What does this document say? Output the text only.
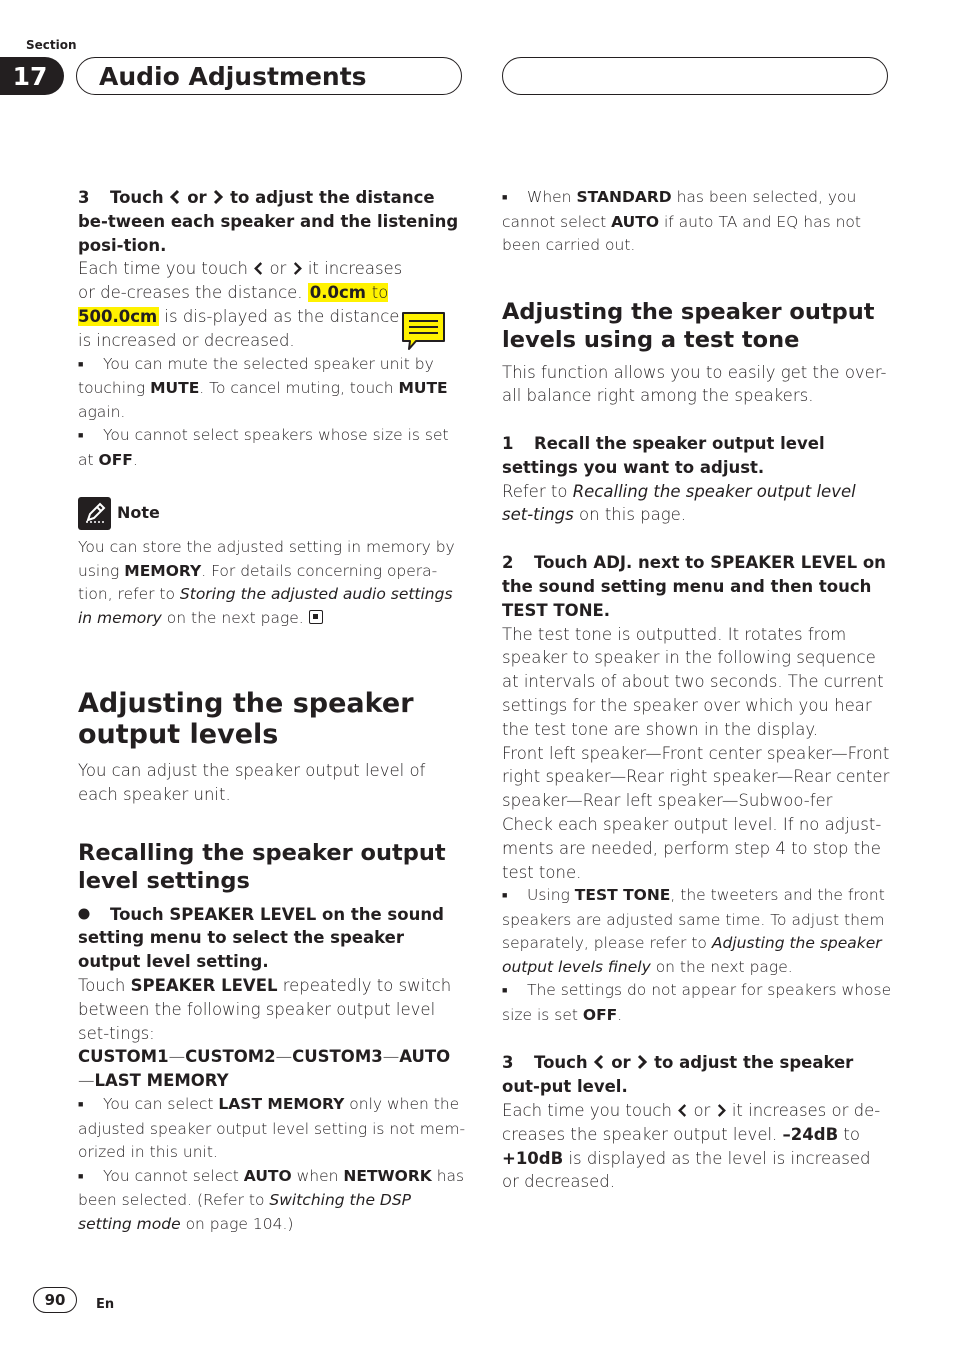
Section
17	Audio Adjustments

3 Touch or to adjust the distance be-tween each speaker and the listening posi-tion.

Each time you touch or it increases or de-creases the distance. 0.0cm to 500.0cm is dis-played as the distance is increased or decreased.

■ You can mute the selected speaker unit by touching MUTE. To cancel muting, touch MUTE again.

■ You cannot select speakers whose size is set at OFF.

Note

You can store the adjusted setting in memory by using MEMORY. For details concerning opera-tion, refer to Storing the adjusted audio settings in memory on the next page.

Adjusting the speaker output levels

You can adjust the speaker output level of each speaker unit.

Recalling the speaker output level settings

Touch SPEAKER LEVEL on the sound setting menu to select the speaker output level setting.

Touch SPEAKER LEVEL repeatedly to switch between the following speaker output level set-tings:

CUSTOM1—CUSTOM2—CUSTOM3—AUTO
—LAST MEMORY

■ You can select LAST MEMORY only when the adjusted speaker output level setting is not mem-orized in this unit.

■ You cannot select AUTO when NETWORK has been selected. (Refer to Switching the DSP setting mode on page 104.)

■ When STANDARD has been selected, you cannot select AUTO if auto TA and EQ has not been carried out.

Adjusting the speaker output levels using a test tone

This function allows you to easily get the over-all balance right among the speakers.

1 Recall the speaker output level settings you want to adjust.

Refer to Recalling the speaker output level set-tings on this page.

2 Touch ADJ. next to SPEAKER LEVEL on the sound setting menu and then touch TEST TONE.

The test tone is outputted. It rotates from speaker to speaker in the following sequence at intervals of about two seconds. The current settings for the speaker over which you hear the test tone are shown in the display.

Front left speaker—Front center speaker—Front right speaker—Rear right speaker—Rear center speaker—Rear left speaker—Subwoo-fer

Check each speaker output level. If no adjust-ments are needed, perform step 4 to stop the test tone.

■ Using TEST TONE, the tweeters and the front speakers are adjusted same time. To adjust them separately, please refer to Adjusting the speaker output levels finely on the next page.

■ The settings do not appear for speakers whose size is set OFF.

3 Touch or to adjust the speaker out-put level.

Each time you touch or it increases or de-creases the speaker output level. –24dB to +10dB is displayed as the level is increased or decreased.

90	En
